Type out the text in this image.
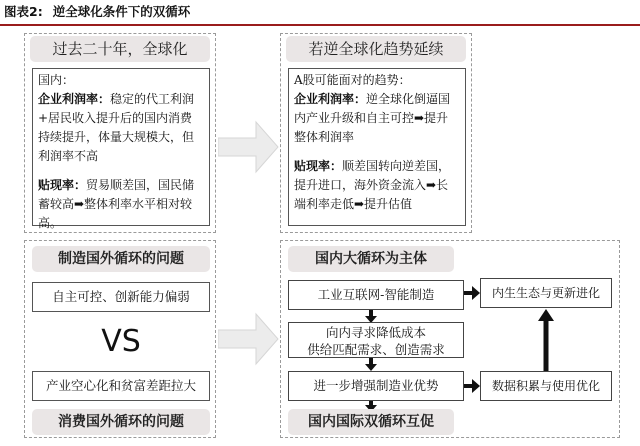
图表2: 逆全球化条件下的双循环
过去二十年，全球化
国内：
企业利润率：稳定的代工利润+居民收入提升后的国内消费持续提升，体量大规模大，但利润率不高
贴现率：贸易顺差国，国民储蓄较高➡整体利率水平相对较高。
若逆全球化趋势延续
A股可能面对的趋势：
企业利润率：逆全球化倒逼国内产业升级和自主可控➡提升整体利润率
贴现率：顺差国转向逆差国，提升进口，海外资金流入➡长端利率走低➡提升估值
制造国外循环的问题
自主可控、创新能力偏弱
VS
产业空心化和贫富差距拉大
消费国外循环的问题
国内大循环为主体
工业互联网-智能制造
向内寻求降低成本
供给匹配需求、创造需求
进一步增强制造业优势
国内国际双循环互促
内生生态与更新进化
数据积累与使用优化
